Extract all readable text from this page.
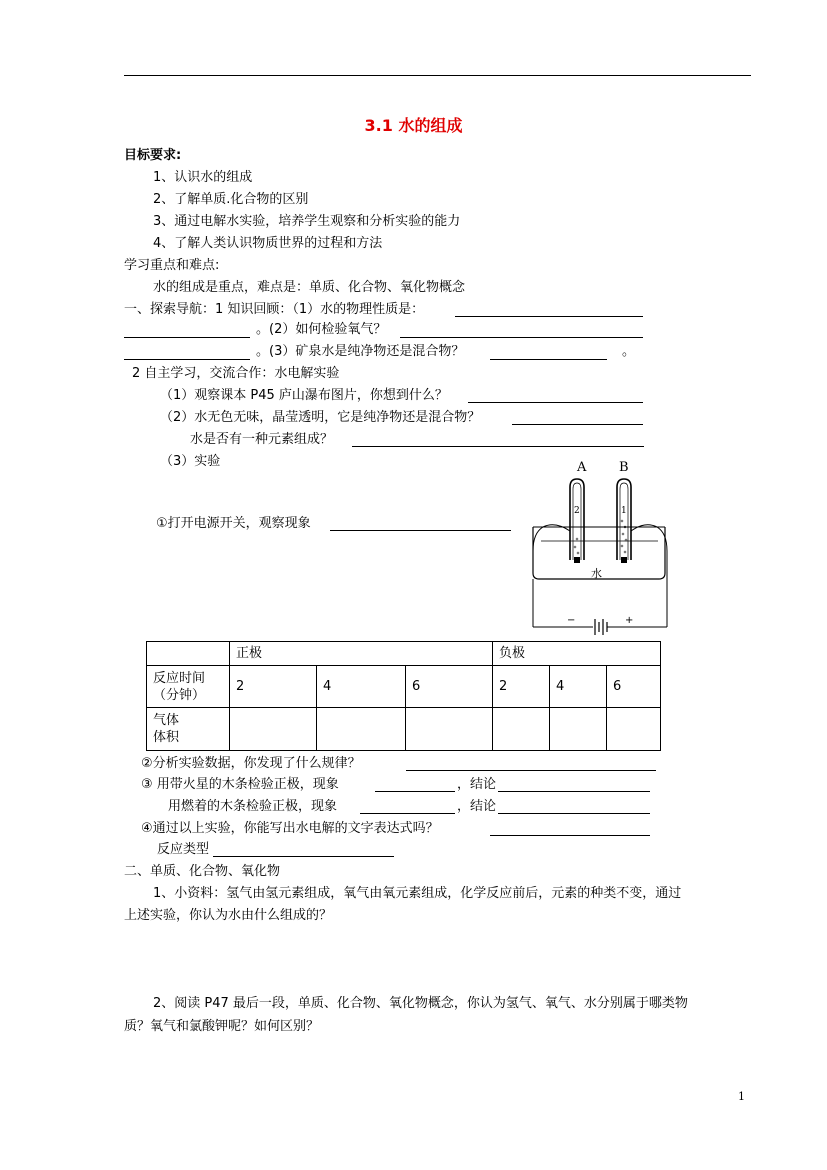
3.1 水的组成
目标要求:
1、认识水的组成
2、了解单质.化合物的区别
3、通过电解水实验，培养学生观察和分析实验的能力
4、了解人类认识物质世界的过程和方法
学习重点和难点:
水的组成是重点，难点是：单质、化合物、氧化物概念
一、探索导航：1 知识回顾：（1）水的物理性质是：
。(2）如何检验氧气？
。(3）矿泉水是纯净物还是混合物？	。
2 自主学习，交流合作：水电解实验
（1）观察课本 P45 庐山瀑布图片，你想到什么？
（2）水无色无味，晶莹透明，它是纯净物还是混合物？
水是否有一种元素组成？
（3）实验
①打开电源开关，观察现象
A	B
2	1
水
−	+
	正极			负极		
反应时间
（分钟）	2	4	6	2	4	6
气体
体积						
②分析实验数据，你发现了什么规律？
③ 用带火星的木条检验正极，现象	，结论
用燃着的木条检验正极，现象	，结论
④通过以上实验，你能写出水电解的文字表达式吗？
反应类型
二、单质、化合物、氧化物
1、小资料：氢气由氢元素组成，氧气由氧元素组成，化学反应前后，元素的种类不变，通过
上述实验，你认为水由什么组成的？
2、阅读 P47 最后一段，单质、化合物、氧化物概念，你认为氢气、氧气、水分别属于哪类物
质？氧气和氯酸钾呢？如何区别？
1
